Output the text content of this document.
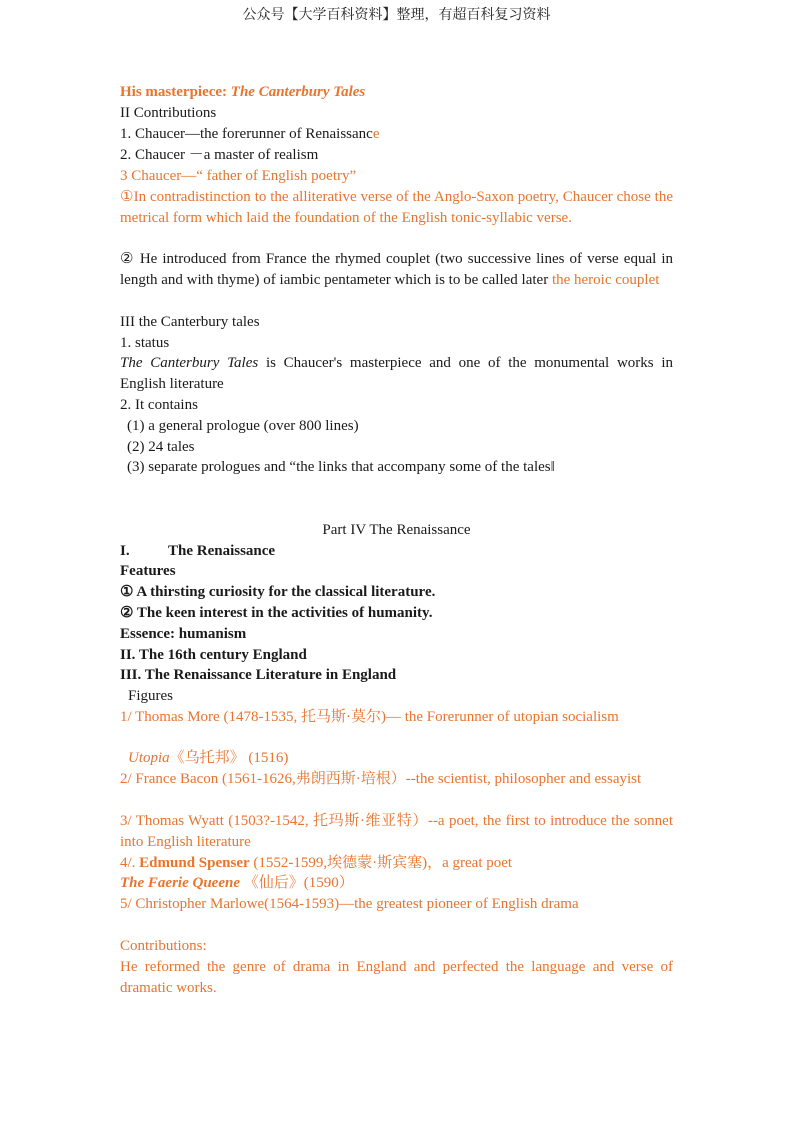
公众号【大学百科资料】整理，有超百科复习资料
His masterpiece: The Canterbury Tales
II Contributions
1. Chaucer—the forerunner of Renaissance
2. Chaucer －a master of realism
3 Chaucer—“ father of English poetry”
①In contradistinction to the alliterative verse of the Anglo-Saxon poetry, Chaucer chose the metrical form which laid the foundation of the English tonic-syllabic verse.
② He introduced from France the rhymed couplet (two successive lines of verse equal in length and with thyme) of iambic pentameter which is to be called later the heroic couplet
III the Canterbury tales
1. status
The Canterbury Tales is Chaucer's masterpiece and one of the monumental works in English literature
2. It contains
(1) a general prologue (over 800 lines)
(2) 24 tales
(3) separate prologues and “the links that accompany some of the tales‖
Part IV The Renaissance
I.	The Renaissance
Features
① A thirsting curiosity for the classical literature.
② The keen interest in the activities of humanity.
Essence: humanism
II. The 16th century England
III. The Renaissance Literature in England
Figures
1/ Thomas More (1478-1535, 托马斯·莫尔)— the Forerunner of utopian socialism
Utopia《乌托邦》 (1516)
2/ France Bacon (1561-1626,弗朗西斯·培根）--the scientist, philosopher and essayist
3/ Thomas Wyatt (1503?-1542, 托玛斯·维亚特）--a poet, the first to introduce the sonnet into English literature
4/. Edmund Spenser (1552-1599,埃德蒙·斯宾塞)，a great poet
The Faerie Queene 《仙后》(1590）
5/ Christopher Marlowe(1564-1593)—the greatest pioneer of English drama
Contributions:
He reformed the genre of drama in England and perfected the language and verse of dramatic works.
